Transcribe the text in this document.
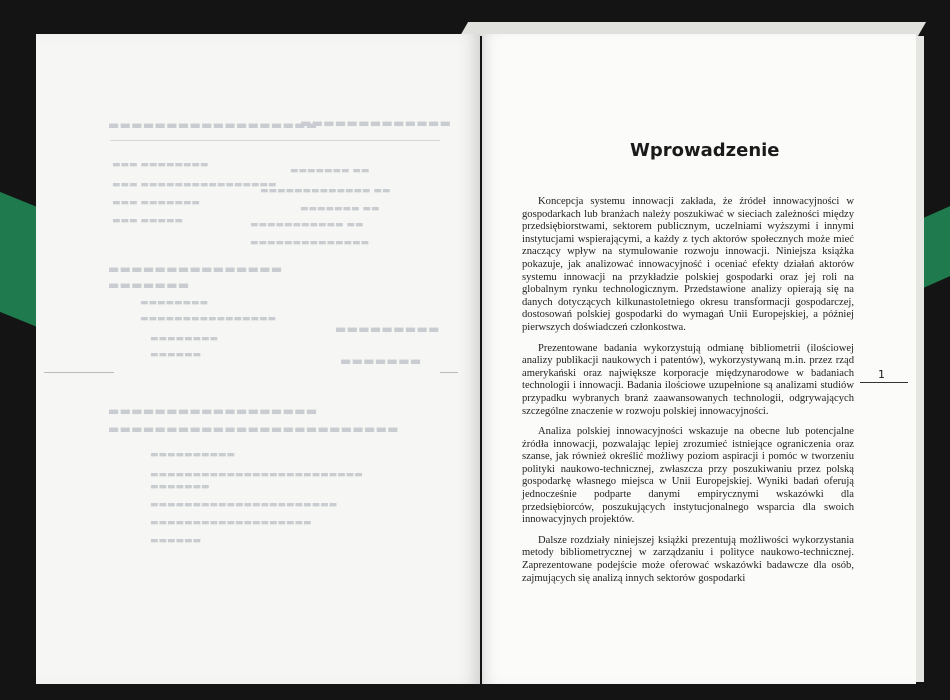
▬▬▬▬▬▬▬▬▬▬▬▬▬▬▬▬▬▬
▬▬▬▬▬▬▬▬▬▬▬▬▬
▬▬▬ ▬▬▬▬▬▬▬▬
▬▬▬ ▬▬▬▬▬▬▬▬▬▬▬▬▬▬▬▬
▬▬▬ ▬▬▬▬▬▬▬
▬▬▬ ▬▬▬▬▬
▬▬▬▬▬▬▬ ▬▬
▬▬▬▬▬▬▬▬▬▬▬▬▬ ▬▬
▬▬▬▬▬▬▬ ▬▬
▬▬▬▬▬▬▬▬▬▬▬ ▬▬
▬▬▬▬▬▬▬▬▬▬▬▬▬▬
▬▬▬▬▬▬▬▬▬▬▬▬▬▬▬
▬▬▬▬▬▬▬
▬▬▬▬▬▬▬▬
▬▬▬▬▬▬▬▬▬▬▬▬▬▬▬▬
▬▬▬▬▬▬▬▬
▬▬▬▬▬▬
▬▬▬▬▬▬▬▬▬
▬▬▬▬▬▬▬
▬▬▬▬▬▬▬▬▬▬▬▬▬▬▬▬▬▬
▬▬▬▬▬▬▬▬▬▬▬▬▬▬▬▬▬▬▬▬▬▬▬▬▬
▬▬▬▬▬▬▬▬▬▬
▬▬▬▬▬▬▬▬▬▬▬▬▬▬▬▬▬▬▬▬▬▬▬▬▬
▬▬▬▬▬▬▬
▬▬▬▬▬▬▬▬▬▬▬▬▬▬▬▬▬▬▬▬▬▬
▬▬▬▬▬▬▬▬▬▬▬▬▬▬▬▬▬▬▬
▬▬▬▬▬▬
Wprowadzenie

Koncepcja systemu innowacji zakłada, że źródeł innowacyjności w gospodarkach lub branżach należy poszukiwać w sieciach zależności między przedsiębiorstwami, sektorem publicznym, uczelniami wyższymi i innymi instytucjami wspierającymi, a każdy z tych aktorów społecznych może mieć znaczący wpływ na stymulowanie rozwoju innowacji. Niniejsza książka pokazuje, jak analizować innowacyjność i oceniać efekty działań aktorów systemu innowacji na przykładzie polskiej gospodarki oraz jej roli na globalnym rynku technologicznym. Przedstawione analizy opierają się na danych dotyczących kilkunastoletniego okresu transformacji gospodarczej, dostosowań polskiej gospodarki do wymagań Unii Europejskiej, a później pierwszych doświadczeń członkostwa.

Prezentowane badania wykorzystują odmianę bibliometrii (ilościowej analizy publikacji naukowych i patentów), wykorzystywaną m.in. przez rząd amerykański oraz największe korporacje międzynarodowe w badaniach technologii i innowacji. Badania ilościowe uzupełnione są analizami studiów przypadku wybranych branż zaawansowanych technologii, odgrywających szczególne znaczenie w rozwoju polskiej innowacyjności.

Analiza polskiej innowacyjności wskazuje na obecne lub potencjalne źródła innowacji, pozwalając lepiej zrozumieć istniejące ograniczenia oraz szanse, jak również określić możliwy poziom aspiracji i pomóc w tworzeniu polityki naukowo-technicznej, zwłaszcza przy poszukiwaniu przez polską gospodarkę własnego miejsca w Unii Europejskiej. Wyniki badań oferują jednocześnie podparte danymi empirycznymi wskazówki dla przedsiębiorców, poszukujących instytucjonalnego wsparcia dla swoich innowacyjnych projektów.

Dalsze rozdziały niniejszej książki prezentują możliwości wykorzystania metody bibliometrycznej w zarządzaniu i polityce naukowo-technicznej. Zaprezentowane podejście może oferować wskazówki badawcze dla osób, zajmujących się analizą innych sektorów gospodarki

1
